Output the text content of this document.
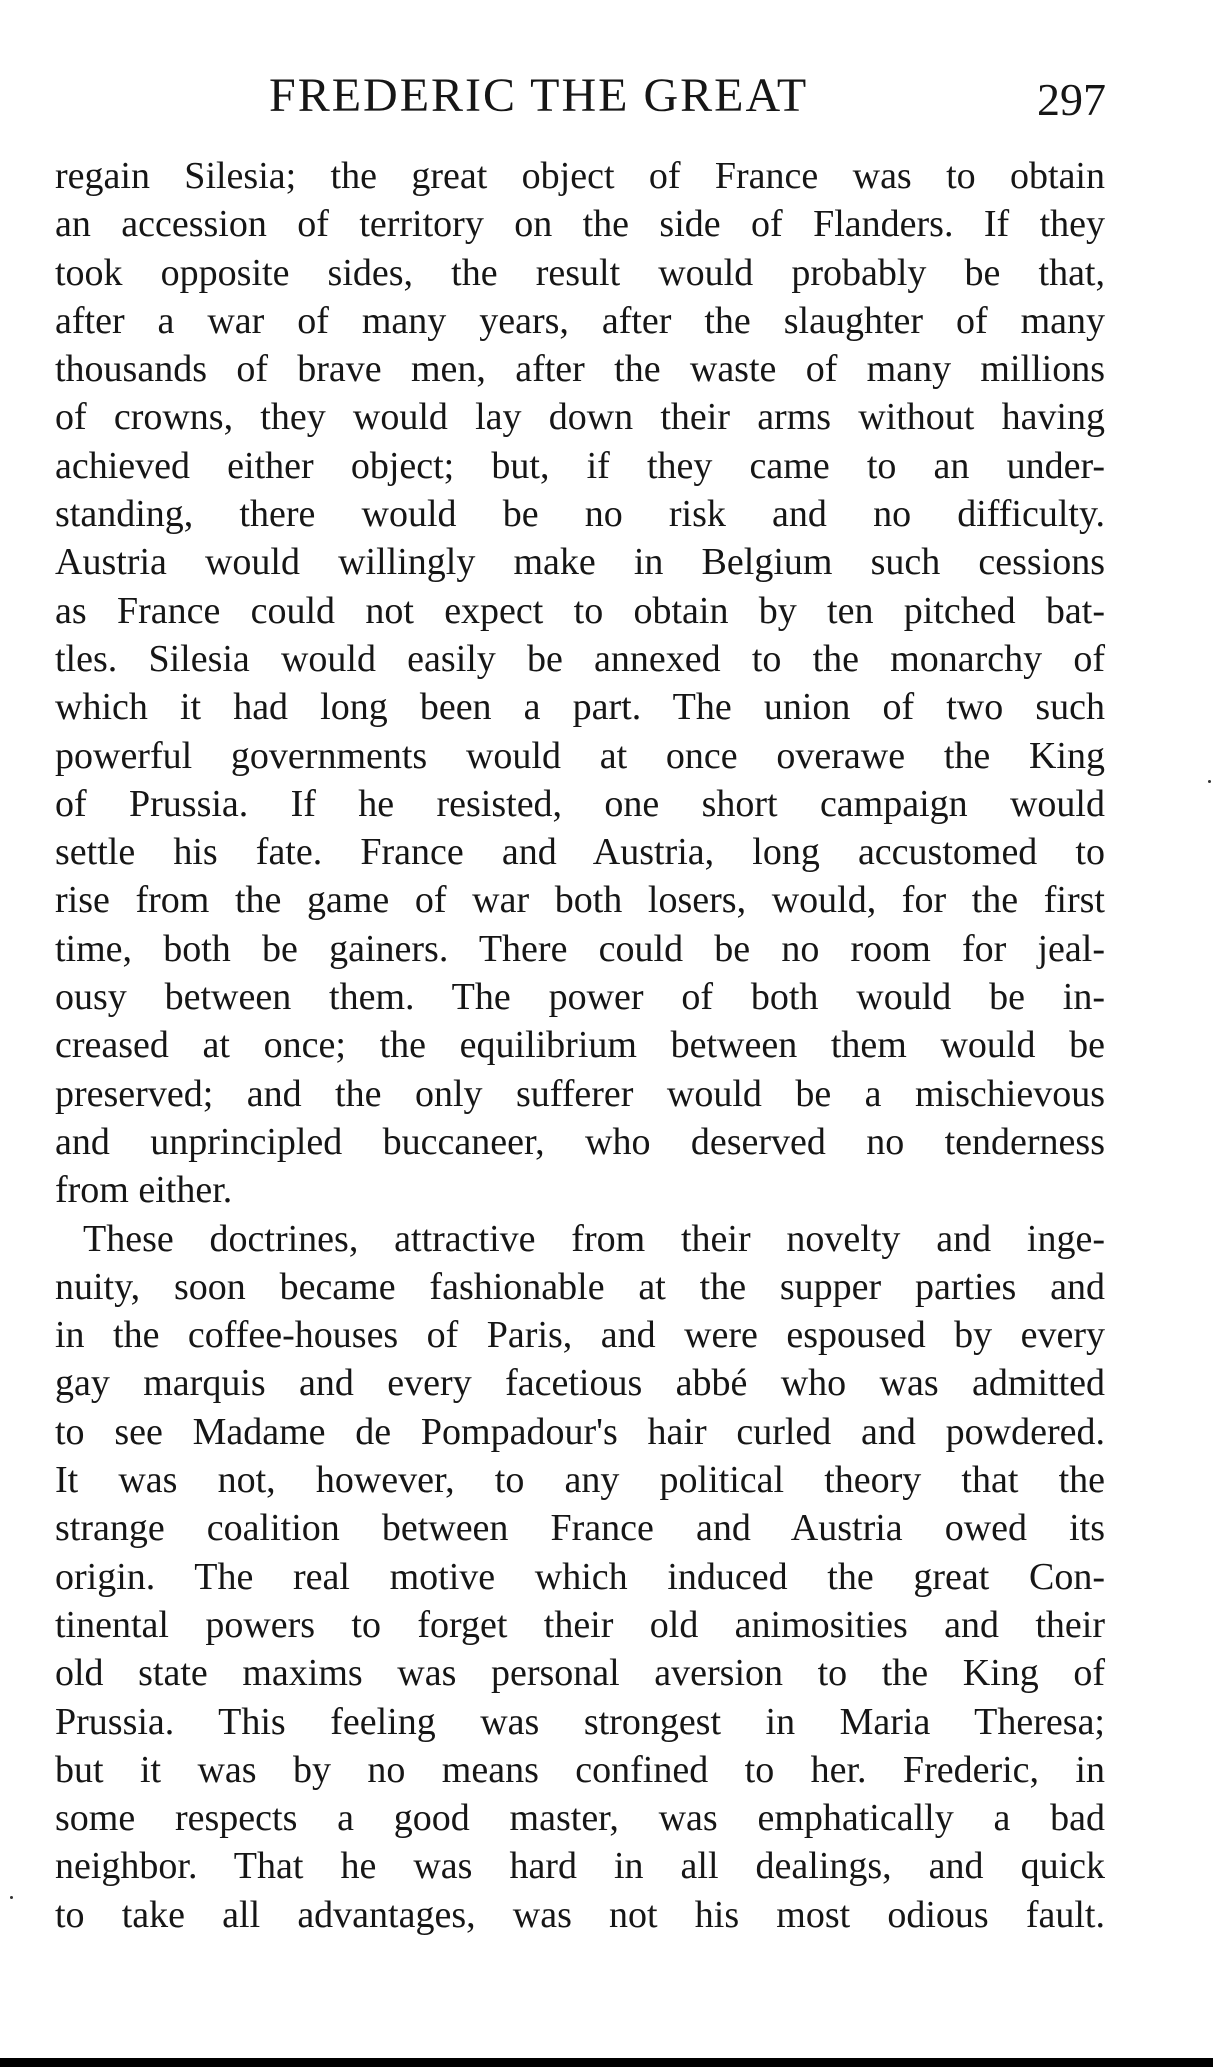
FREDERIC THE GREAT	297
regain Silesia; the great object of France was to obtain
an accession of territory on the side of Flanders. If they
took opposite sides, the result would probably be that,
after a war of many years, after the slaughter of many
thousands of brave men, after the waste of many millions
of crowns, they would lay down their arms without having
achieved either object; but, if they came to an under-
standing, there would be no risk and no difficulty.
Austria would willingly make in Belgium such cessions
as France could not expect to obtain by ten pitched bat-
tles. Silesia would easily be annexed to the monarchy of
which it had long been a part. The union of two such
powerful governments would at once overawe the King
of Prussia. If he resisted, one short campaign would
settle his fate. France and Austria, long accustomed to
rise from the game of war both losers, would, for the first
time, both be gainers. There could be no room for jeal-
ousy between them. The power of both would be in-
creased at once; the equilibrium between them would be
preserved; and the only sufferer would be a mischievous
and unprincipled buccaneer, who deserved no tenderness
from either.
These doctrines, attractive from their novelty and inge-
nuity, soon became fashionable at the supper parties and
in the coffee-houses of Paris, and were espoused by every
gay marquis and every facetious abbé who was admitted
to see Madame de Pompadour's hair curled and powdered.
It was not, however, to any political theory that the
strange coalition between France and Austria owed its
origin. The real motive which induced the great Con-
tinental powers to forget their old animosities and their
old state maxims was personal aversion to the King of
Prussia. This feeling was strongest in Maria Theresa;
but it was by no means confined to her. Frederic, in
some respects a good master, was emphatically a bad
neighbor. That he was hard in all dealings, and quick
to take all advantages, was not his most odious fault.
